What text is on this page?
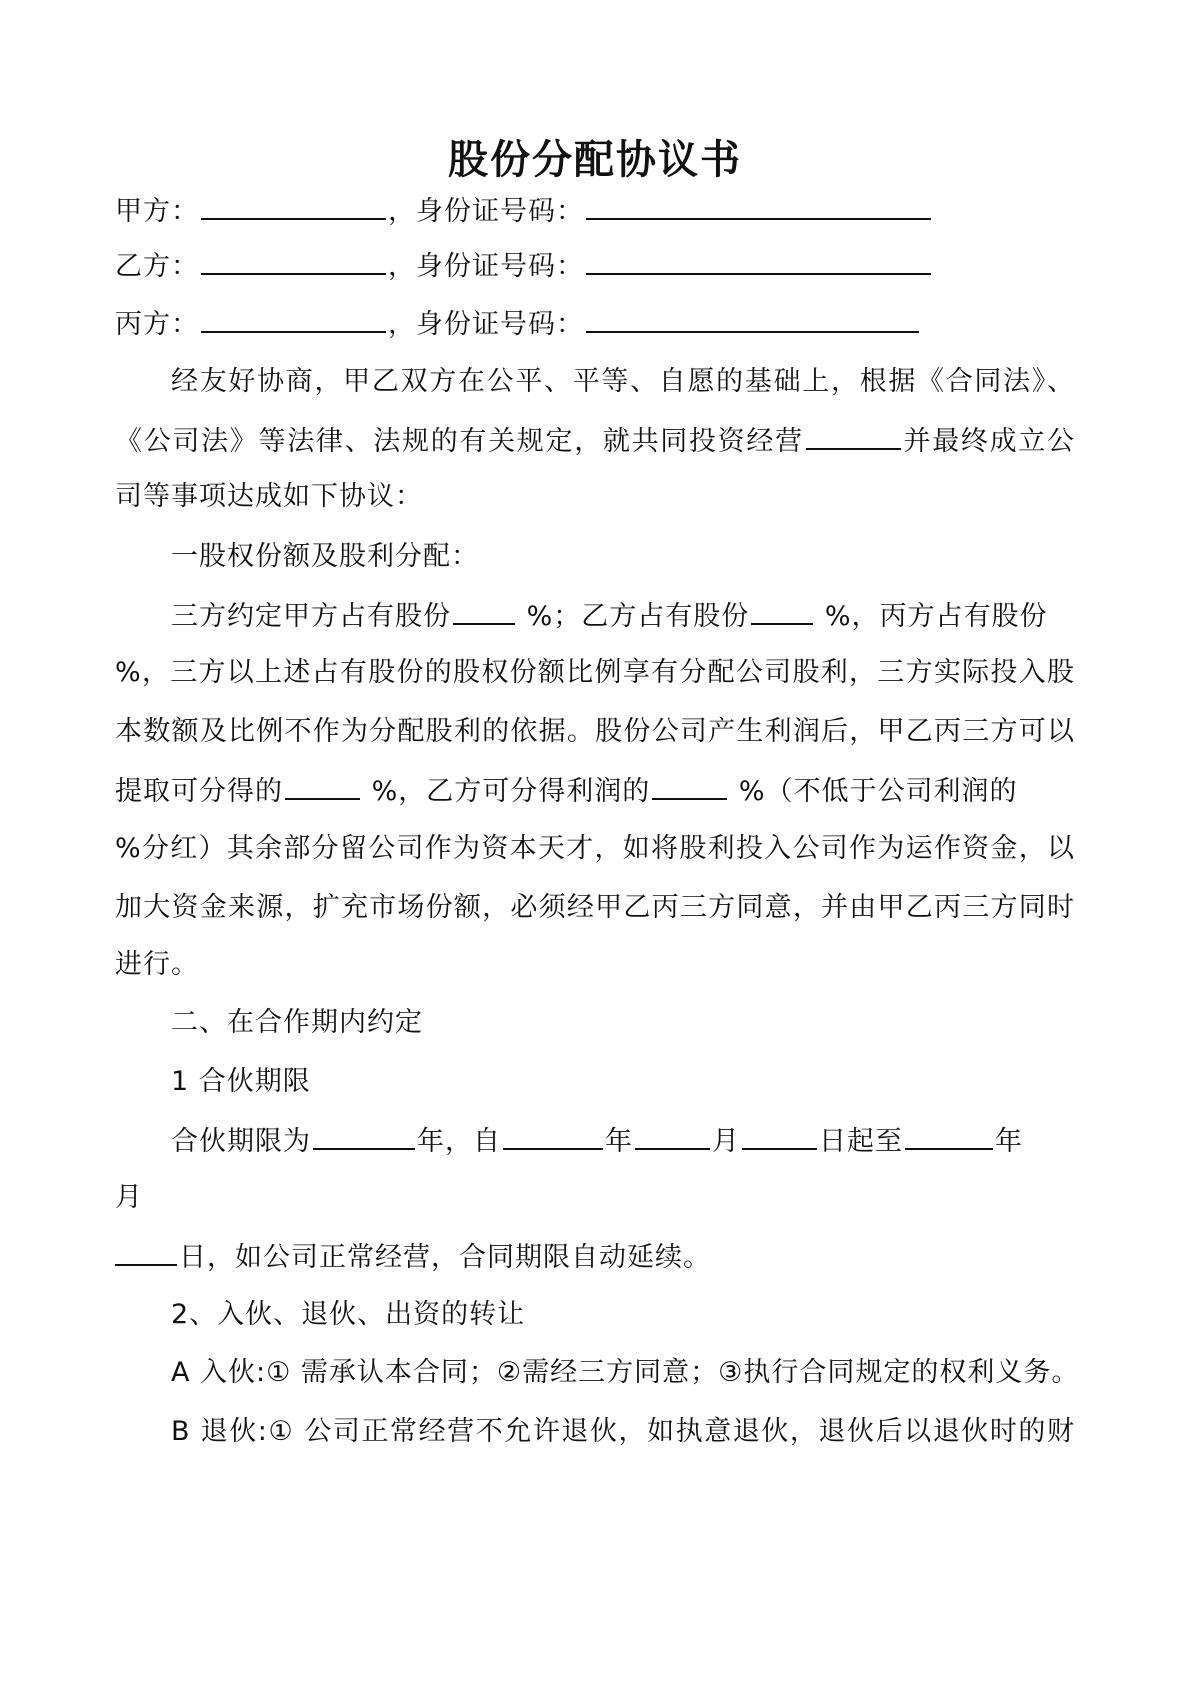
股份分配协议书
甲方：	，身份证号码：
乙方：	，身份证号码：
丙方：	，身份证号码：
经友好协商，甲乙双方在公平、平等、自愿的基础上，根据《合同法》、
《公司法》等法律、法规的有关规定，就共同投资经营	并最终成立公
司等事项达成如下协议：
一股权份额及股利分配：
三方约定甲方占有股份 %；乙方占有股份 %，丙方占有股份
%，三方以上述占有股份的股权份额比例享有分配公司股利，三方实际投入股
本数额及比例不作为分配股利的依据。股份公司产生利润后，甲乙丙三方可以
提取可分得的	%，乙方可分得利润的	%（不低于公司利润的
%分红）其余部分留公司作为资本天才，如将股利投入公司作为运作资金，以
加大资金来源，扩充市场份额，必须经甲乙丙三方同意，并由甲乙丙三方同时
进行。
二、在合作期内约定
1 合伙期限
合伙期限为	年，自	年	月	日起至	年
月
日，如公司正常经营，合同期限自动延续。
2、入伙、退伙、出资的转让
A 入伙:① 需承认本合同；②需经三方同意；③执行合同规定的权利义务。
B 退伙:① 公司正常经营不允许退伙，如执意退伙，退伙后以退伙时的财
